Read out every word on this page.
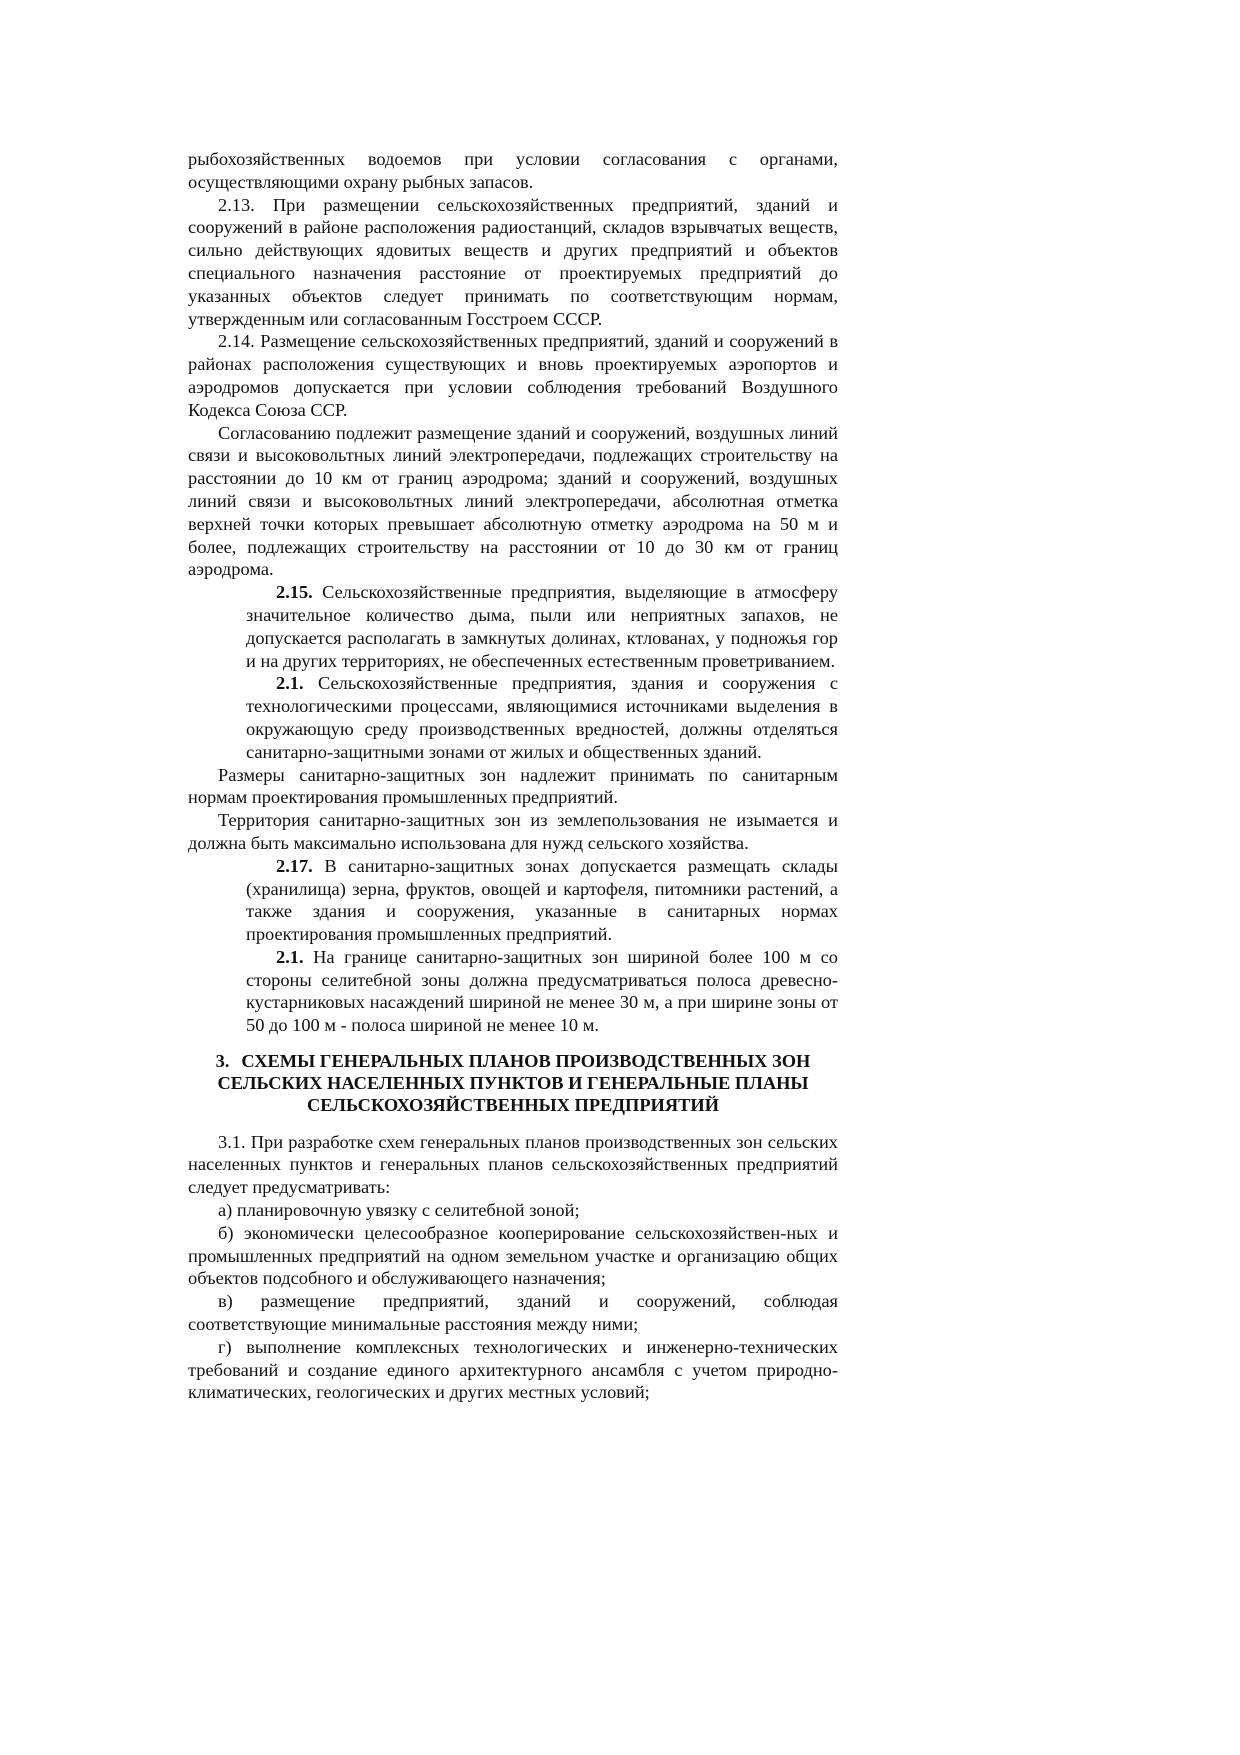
рыбохозяйственных водоемов при условии согласования с органами, осуществляющими охрану рыбных запасов.

2.13. При размещении сельскохозяйственных предприятий, зданий и сооружений в районе расположения радиостанций, складов взрывчатых веществ, сильно действующих ядовитых веществ и других предприятий и объектов специального назначения расстояние от проектируемых предприятий до указанных объектов следует принимать по соответствующим нормам, утвержденным или согласованным Госстроем СССР.

2.14. Размещение сельскохозяйственных предприятий, зданий и сооружений в районах расположения существующих и вновь проектируемых аэропортов и аэродромов допускается при условии соблюдения требований Воздушного Кодекса Союза ССР.

Согласованию подлежит размещение зданий и сооружений, воздушных линий связи и высоковольтных линий электропередачи, подлежащих строительству на расстоянии до 10 км от границ аэродрома; зданий и сооружений, воздушных линий связи и высоковольтных линий электропередачи, абсолютная отметка верхней точки которых превышает абсолютную отметку аэродрома на 50 м и более, подлежащих строительству на расстоянии от 10 до 30 км от границ аэродрома.

2.15. Сельскохозяйственные предприятия, выделяющие в атмосферу значительное количество дыма, пыли или неприятных запахов, не допускается располагать в замкнутых долинах, ктлованах, у подножья гор и на других территориях, не обеспеченных естественным проветриванием.

2.1. Сельскохозяйственные предприятия, здания и сооружения с технологическими процессами, являющимися источниками выделения в окружающую среду производственных вредностей, должны отделяться санитарно-защитными зонами от жилых и общественных зданий.

Размеры санитарно-защитных зон надлежит принимать по санитарным нормам проектирования промышленных предприятий.

Территория санитарно-защитных зон из землепользования не изымается и должна быть максимально использована для нужд сельского хозяйства.

2.17. В санитарно-защитных зонах допускается размещать склады (хранилища) зерна, фруктов, овощей и картофеля, питомники растений, а также здания и сооружения, указанные в санитарных нормах проектирования промышленных предприятий.

2.1. На границе санитарно-защитных зон шириной более 100 м со стороны селитебной зоны должна предусматриваться полоса древесно-кустарниковых насаждений шириной не менее 30 м, а при ширине зоны от 50 до 100 м - полоса шириной не менее 10 м.

3. СХЕМЫ ГЕНЕРАЛЬНЫХ ПЛАНОВ ПРОИЗВОДСТВЕННЫХ ЗОН СЕЛЬСКИХ НАСЕЛЕННЫХ ПУНКТОВ И ГЕНЕРАЛЬНЫЕ ПЛАНЫ СЕЛЬСКОХОЗЯЙСТВЕННЫХ ПРЕДПРИЯТИЙ

3.1. При разработке схем генеральных планов производственных зон сельских населенных пунктов и генеральных планов сельскохозяйственных предприятий следует предусматривать:

а) планировочную увязку с селитебной зоной;

б) экономически целесообразное кооперирование сельскохозяйствен-ных и промышленных предприятий на одном земельном участке и организацию общих объектов подсобного и обслуживающего назначения;

в) размещение предприятий, зданий и сооружений, соблюдая соответствующие минимальные расстояния между ними;

г) выполнение комплексных технологических и инженерно-технических требований и создание единого архитектурного ансамбля с учетом природно-климатических, геологических и других местных условий;
